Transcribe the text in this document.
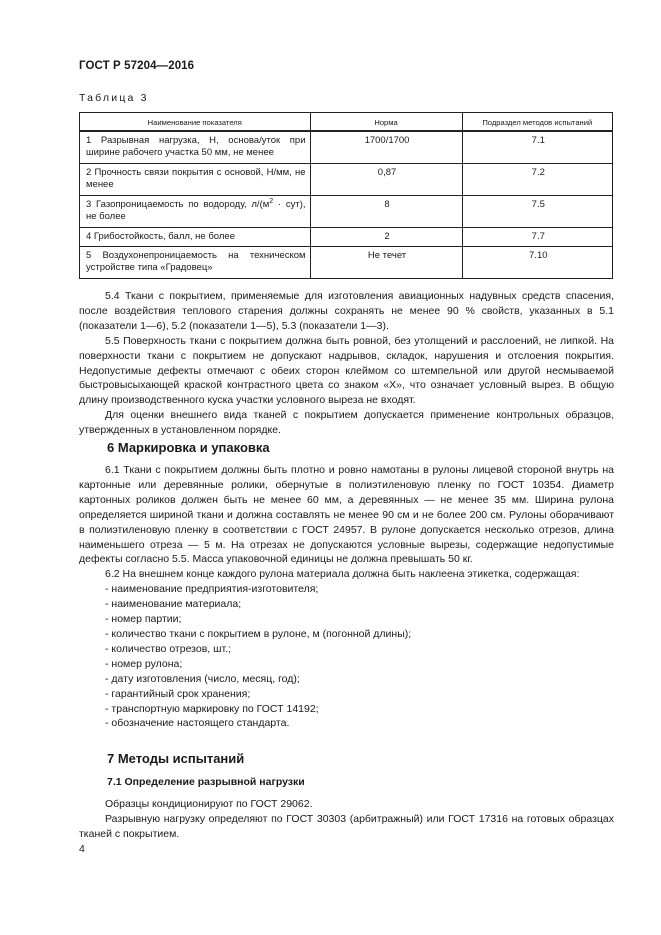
ГОСТ Р 57204—2016
Таблица 3
Наименование показателя	Норма	Подраздел методов испытаний
1 Разрывная нагрузка, Н, основа/уток при ширине рабочего участка 50 мм, не менее	1700/1700	7.1
2 Прочность связи покрытия с основой, Н/мм, не менее	0,87	7.2
3 Газопроницаемость по водороду, $л/(м^2 \cdot сут)$, не более	8	7.5
4 Грибостойкость, балл, не более	2	7.7
5 Воздухонепроницаемость на техническом устройстве типа «Градовец»	Не течет	7.10

5.4 Ткани с покрытием, применяемые для изготовления авиационных надувных средств спасения, после воздействия теплового старения должны сохранять не менее 90 % свойств, указанных в 5.1 (показатели 1—6), 5.2 (показатели 1—5), 5.3 (показатели 1—3).

5.5 Поверхность ткани с покрытием должна быть ровной, без утолщений и расслоений, не липкой. На поверхности ткани с покрытием не допускают надрывов, складок, нарушения и отслоения покрытия. Недопустимые дефекты отмечают с обеих сторон клеймом со штемпельной или другой несмываемой быстровысыхающей краской контрастного цвета со знаком «X», что означает условный вырез. В общую длину производственного куска участки условного выреза не входят.

Для оценки внешнего вида тканей с покрытием допускается применение контрольных образцов, утвержденных в установленном порядке.

6 Маркировка и упаковка

6.1 Ткани с покрытием должны быть плотно и ровно намотаны в рулоны лицевой стороной внутрь на картонные или деревянные ролики, обернутые в полиэтиленовую пленку по ГОСТ 10354. Диаметр картонных роликов должен быть не менее 60 мм, а деревянных — не менее 35 мм. Ширина рулона определяется шириной ткани и должна составлять не менее 90 см и не более 200 см. Рулоны оборачивают в полиэтиленовую пленку в соответствии с ГОСТ 24957. В рулоне допускается несколько отрезов, длина наименьшего отреза — 5 м. На отрезах не допускаются условные вырезы, содержащие недопустимые дефекты согласно 5.5. Масса упаковочной единицы не должна превышать 50 кг.

6.2 На внешнем конце каждого рулона материала должна быть наклеена этикетка, содержащая:

- наименование предприятия-изготовителя;

- наименование материала;

- номер партии;

- количество ткани с покрытием в рулоне, м (погонной длины);

- количество отрезов, шт.;

- номер рулона;

- дату изготовления (число, месяц, год);

- гарантийный срок хранения;

- транспортную маркировку по ГОСТ 14192;

- обозначение настоящего стандарта.

7 Методы испытаний
7.1 Определение разрывной нагрузки

Образцы кондиционируют по ГОСТ 29062.

Разрывную нагрузку определяют по ГОСТ 30303 (арбитражный) или ГОСТ 17316 на готовых образцах тканей с покрытием.

4
